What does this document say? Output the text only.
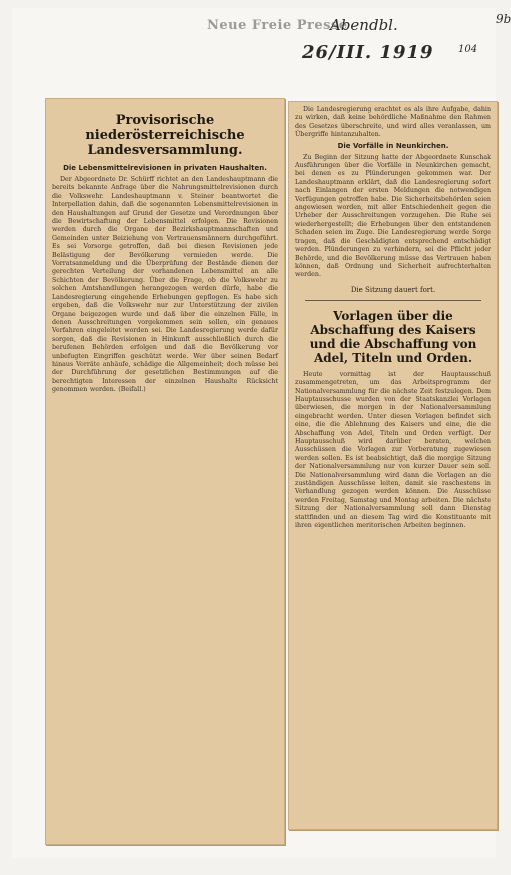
Neue Freie Presse
Abendbl.
26/III. 1919 104
9b
Provisorische niederösterreichische Landesversammlung.
Die Lebensmittelrevisionen in privaten Haushalten.

Der Abgeordnete Dr. Schürff richtet an den Landeshauptmann die bereits bekannte Anfrage über die Nahrungsmittelrevisionen durch die Volkswehr. Landeshauptmann v. Steiner beantwortet die Interpellation dahin, daß die sogenannten Lebensmittelrevisionen in den Haushaltungen auf Grund der Gesetze und Verordnungen über die Bewirtschaftung der Lebensmittel erfolgen. Die Revisionen werden durch die Organe der Bezirkshauptmannschaften und Gemeinden unter Beiziehung von Vertrauensmännern durchgeführt. Es sei Vorsorge getroffen, daß bei diesen Revisionen jede Belästigung der Bevölkerung vermieden werde. Die Vorratsanmeldung und die Überprüfung der Bestände dienen der gerechten Verteilung der vorhandenen Lebensmittel an alle Schichten der Bevölkerung. Über die Frage, ob die Volkswehr zu solchen Amtshandlungen herangezogen werden dürfe, habe die Landesregierung eingehende Erhebungen gepflogen. Es habe sich ergeben, daß die Volkswehr nur zur Unterstützung der zivilen Organe beigezogen wurde und daß über die einzelnen Fälle, in denen Ausschreitungen vorgekommen sein sollen, ein genaues Verfahren eingeleitet worden sei. Die Landesregierung werde dafür sorgen, daß die Revisionen in Hinkunft ausschließlich durch die berufenen Behörden erfolgen und daß die Bevölkerung vor unbefugten Eingriffen geschützt werde. Wer über seinen Bedarf hinaus Vorräte anhäufe, schädige die Allgemeinheit; doch müsse bei der Durchführung der gesetzlichen Bestimmungen auf die berechtigten Interessen der einzelnen Haushalte Rücksicht genommen werden. (Beifall.)

Die Landesregierung erachtet es als ihre Aufgabe, dahin zu wirken, daß keine behördliche Maßnahme den Rahmen des Gesetzes überschreite, und wird alles veranlassen, um Übergriffe hintanzuhalten.

Die Vorfälle in Neunkirchen.

Zu Beginn der Sitzung hatte der Abgeordnete Kunschak Ausführungen über die Vorfälle in Neunkirchen gemacht, bei denen es zu Plünderungen gekommen war. Der Landeshauptmann erklärt, daß die Landesregierung sofort nach Einlangen der ersten Meldungen die notwendigen Verfügungen getroffen habe. Die Sicherheitsbehörden seien angewiesen worden, mit aller Entschiedenheit gegen die Urheber der Ausschreitungen vorzugehen. Die Ruhe sei wiederhergestellt; die Erhebungen über den entstandenen Schaden seien im Zuge. Die Landesregierung werde Sorge tragen, daß die Geschädigten entsprechend entschädigt werden. Plünderungen zu verhindern, sei die Pflicht jeder Behörde, und die Bevölkerung müsse das Vertrauen haben können, daß Ordnung und Sicherheit aufrechterhalten werden.

Die Sitzung dauert fort.
Vorlagen über die Abschaffung des Kaisers und die Abschaffung von Adel, Titeln und Orden.

Heute vormittag ist der Hauptausschuß zusammengetreten, um das Arbeitsprogramm der Nationalversammlung für die nächste Zeit festzulegen. Dem Hauptausschusse wurden von der Staatskanzlei Vorlagen überwiesen, die morgen in der Nationalversammlung eingebracht werden. Unter diesen Vorlagen befindet sich eine, die die Ablehnung des Kaisers und eine, die die Abschaffung von Adel, Titeln und Orden verfügt. Der Hauptausschuß wird darüber beraten, welchen Ausschüssen die Vorlagen zur Vorberatung zugewiesen werden sollen. Es ist beabsichtigt, daß die morgige Sitzung der Nationalversammlung nur von kurzer Dauer sein soll. Die Nationalversammlung wird dann die Vorlagen an die zuständigen Ausschüsse leiten, damit sie raschestens in Verhandlung gezogen werden können. Die Ausschüsse werden Freitag, Samstag und Montag arbeiten. Die nächste Sitzung der Nationalversammlung soll dann Dienstag stattfinden und an diesem Tag wird die Konstituante mit ihren eigentlichen meritorischen Arbeiten beginnen.
